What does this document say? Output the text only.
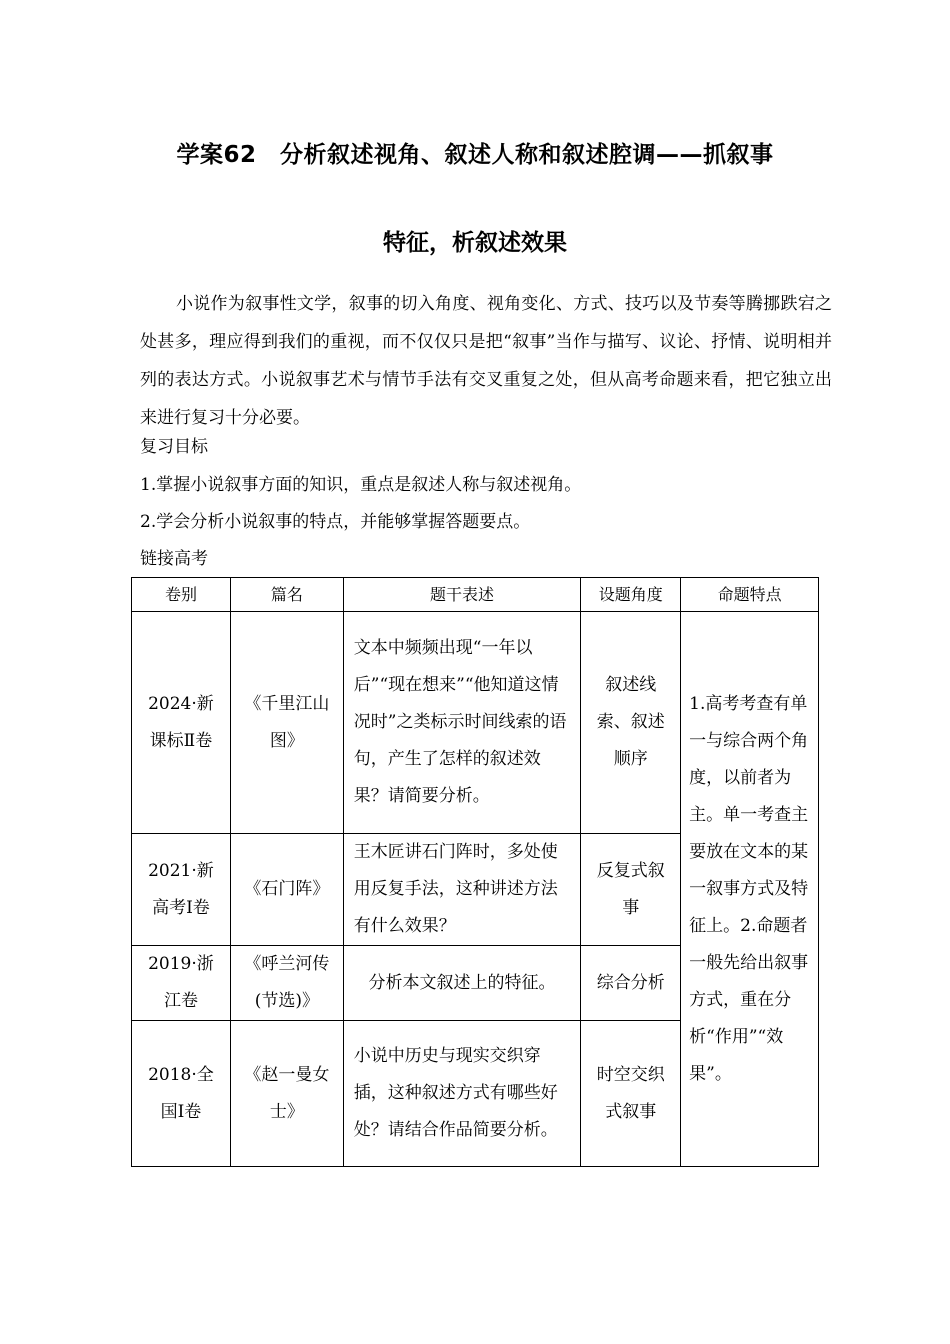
学案62　分析叙述视角、叙述人称和叙述腔调——抓叙事
特征，析叙述效果

小说作为叙事性文学，叙事的切入角度、视角变化、方式、技巧以及节奏等腾挪跌宕之处甚多，理应得到我们的重视，而不仅仅只是把“叙事”当作与描写、议论、抒情、说明相并列的表达方式。小说叙事艺术与情节手法有交叉重复之处，但从高考命题来看，把它独立出来进行复习十分必要。

复习目标

1.掌握小说叙事方面的知识，重点是叙述人称与叙述视角。

2.学会分析小说叙事的特点，并能够掌握答题要点。

链接高考

卷别	篇名	题干表述	设题角度	命题特点
2024·新课标Ⅱ卷	《千里江山图》	文本中频频出现“一年以后”“现在想来”“他知道这情况时”之类标示时间线索的语句，产生了怎样的叙述效果？请简要分析。	叙述线索、叙述顺序	1.高考考查有单一与综合两个角度，以前者为主。单一考查主要放在文本的某一叙事方式及特征上。2.命题者一般先给出叙事方式，重在分析“作用”“效果”。
2021·新高考Ⅰ卷	《石门阵》	王木匠讲石门阵时，多处使用反复手法，这种讲述方法有什么效果？	反复式叙事	
2019·浙江卷	《呼兰河传(节选)》	分析本文叙述上的特征。	综合分析	
2018·全国Ⅰ卷	《赵一曼女士》	小说中历史与现实交织穿插，这种叙述方式有哪些好处？请结合作品简要分析。	时空交织式叙事	
